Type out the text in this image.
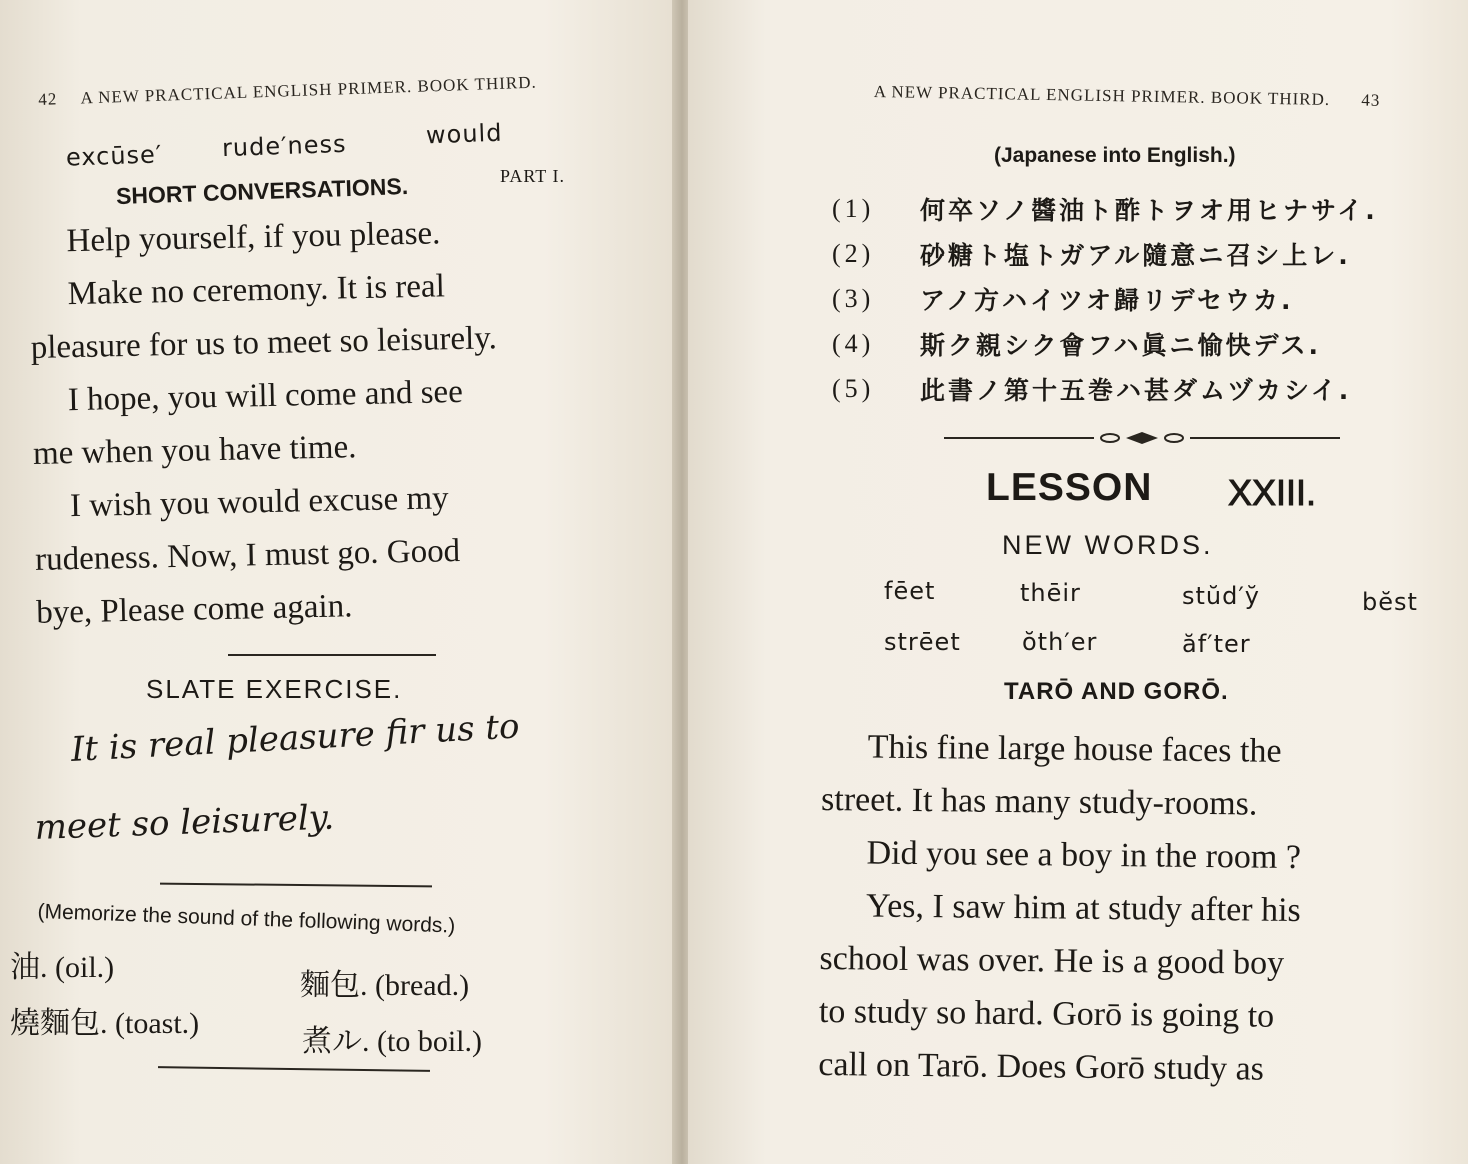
42 A NEW PRACTICAL ENGLISH PRIMER. BOOK THIRD.
excūse′ rude′ness	would
SHORT CONVERSATIONS.	PART I.
Help yourself, if you please.
Make no ceremony. It is real
pleasure for us to meet so leisurely.
I hope, you will come and see
me when you have time.
I wish you would excuse my
rudeness. Now, I must go. Good
bye, Please come again.
SLATE EXERCISE.
It is real pleasure fir us to
meet so leisurely.
(Memorize the sound of the following words.)
油. (oil.)
麵包. (bread.)
燒麵包. (toast.)
煮ル. (to boil.)
A NEW PRACTICAL ENGLISH PRIMER. BOOK THIRD. 43
(Japanese into English.)
(1)	何卒ソノ醬油ト酢トヲオ用ヒナサイ.
(2)	砂糖ト塩トガアル隨意ニ召シ上レ.
(3)	アノ方ハイツオ歸リデセウカ.
(4)	斯ク親シク會フハ眞ニ愉快デス.
(5)	此書ノ第十五巻ハ甚ダムヅカシイ.
LESSON XXIII.
NEW WORDS.
fēet	thēir	stŭd′y̆	bĕst
strēet	ŏth′er	ăf′ter
TARŌ AND GORŌ.
This fine large house faces the
street. It has many study-rooms.
Did you see a boy in the room ?
Yes, I saw him at study after his
school was over. He is a good boy
to study so hard. Gorō is going to
call on Tarō. Does Gorō study as
